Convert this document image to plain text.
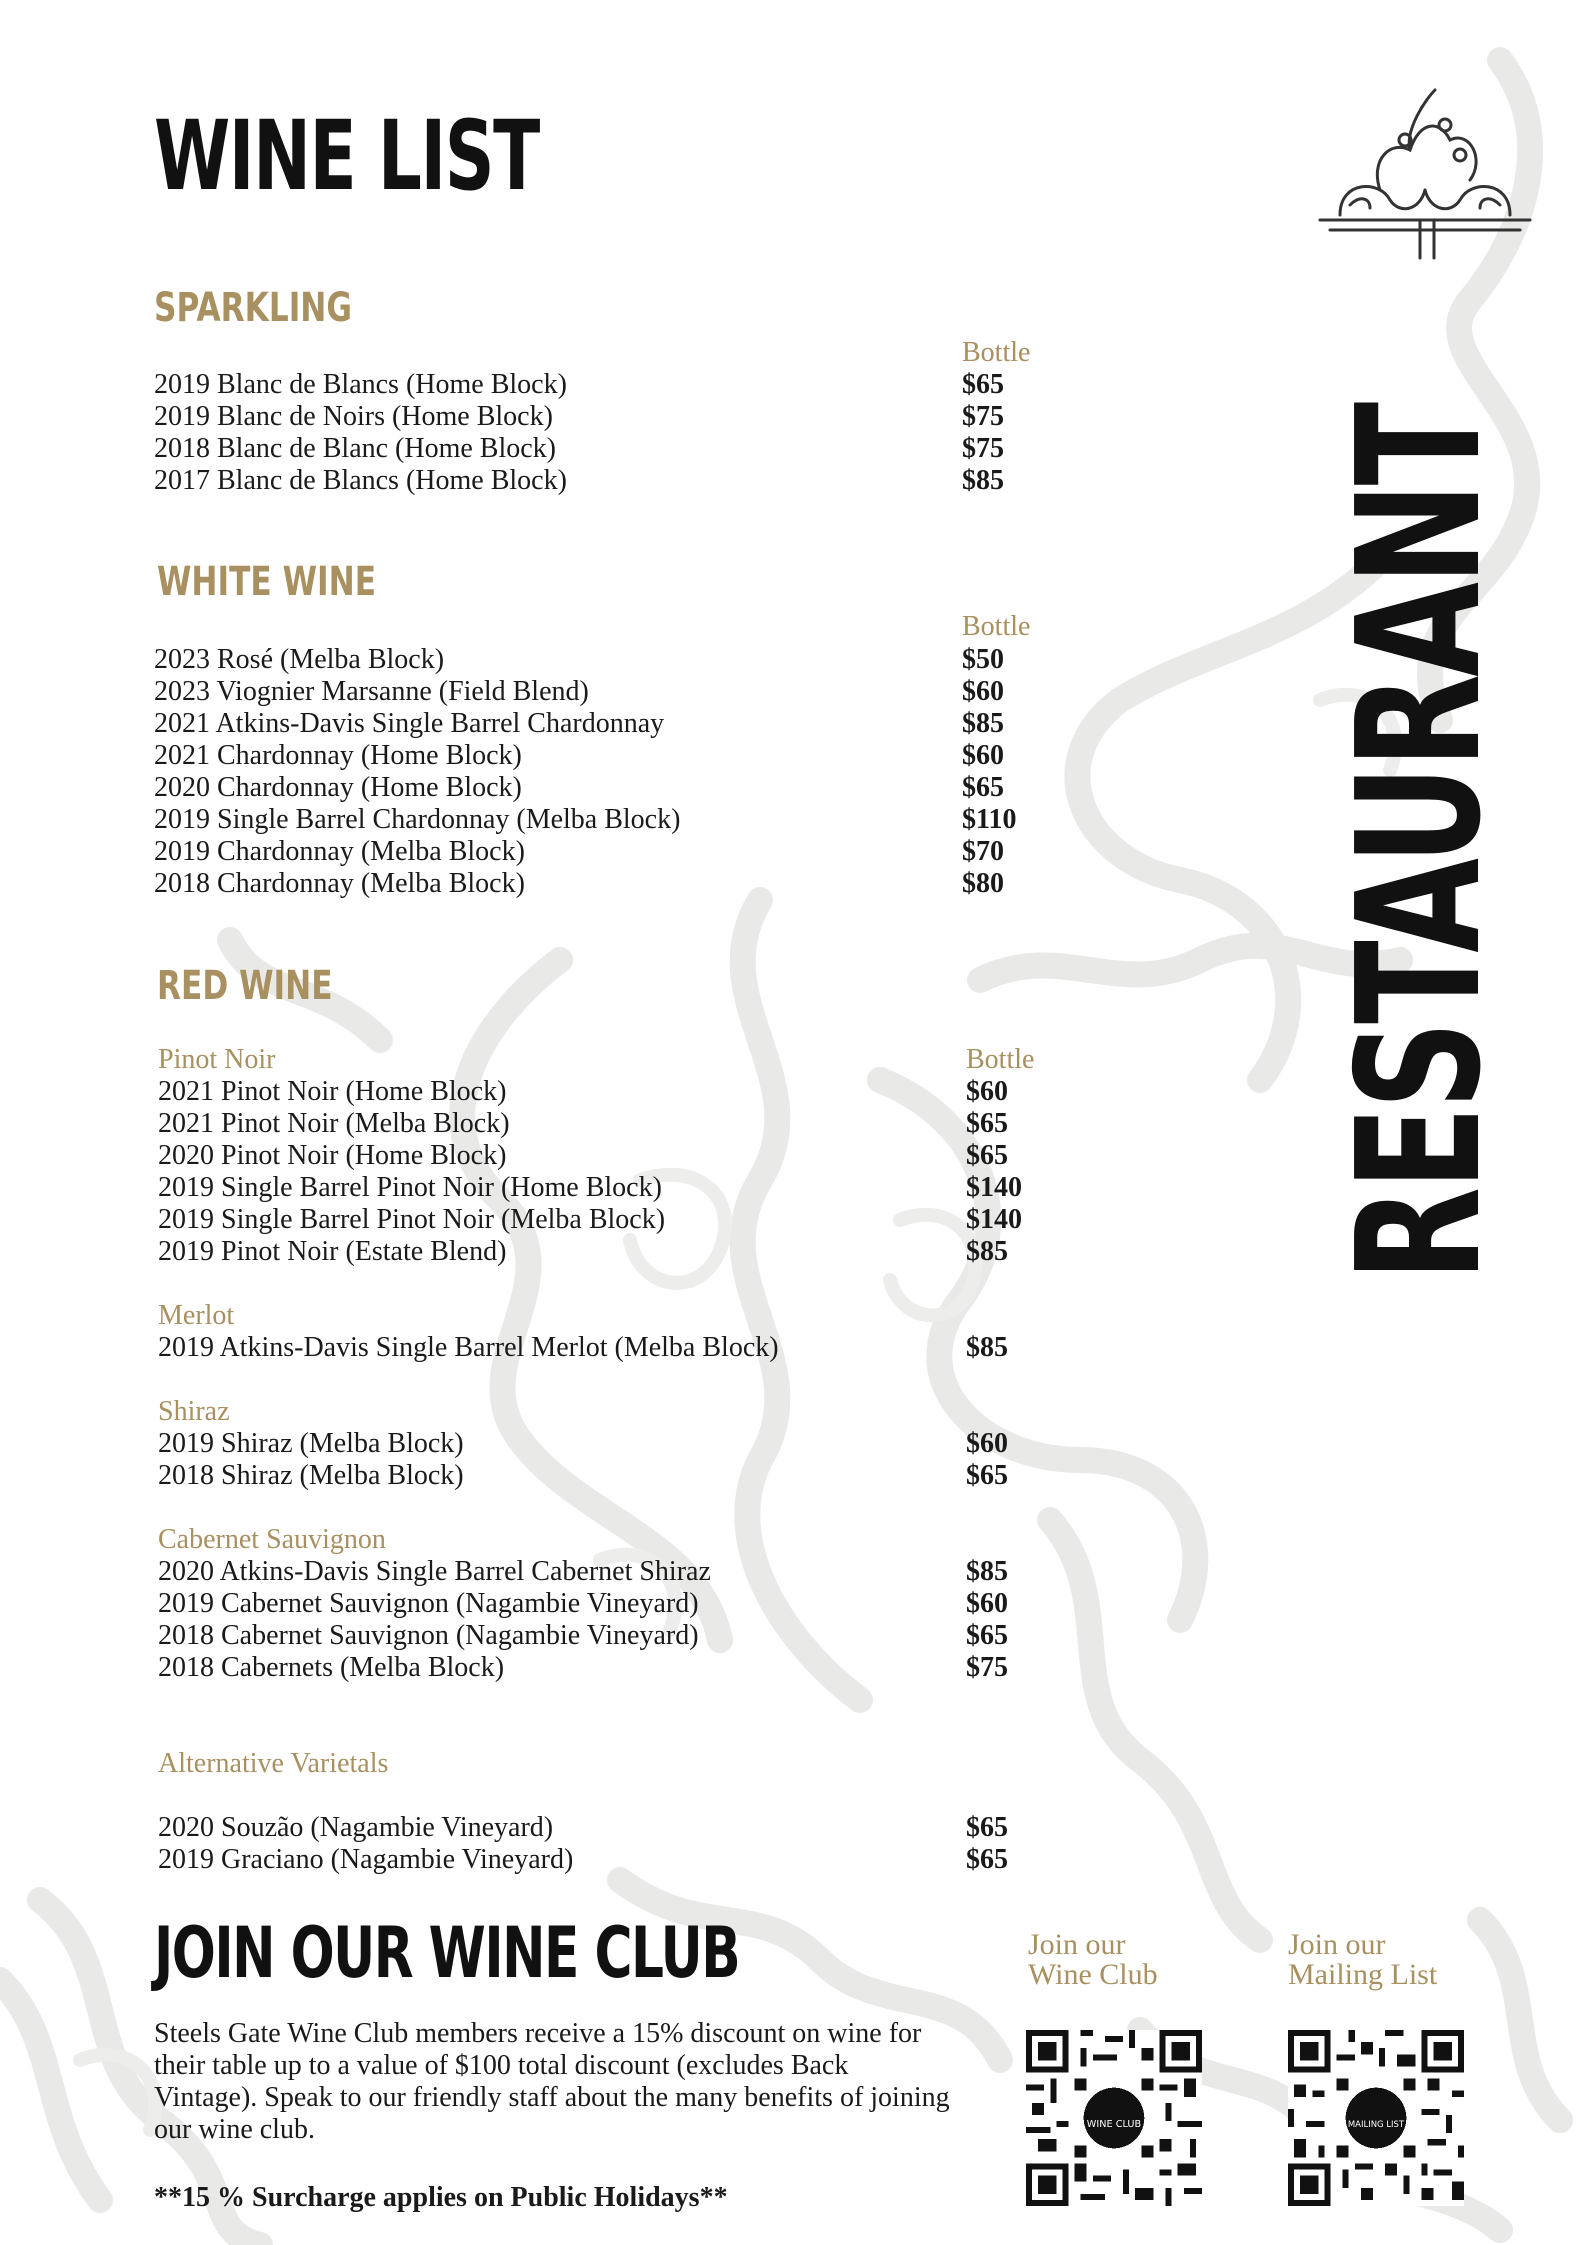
WINE LIST
RESTAURANT
SPARKLING
Bottle
2019 Blanc de Blancs (Home Block)
2019 Blanc de Noirs (Home Block)
2018 Blanc de Blanc (Home Block)
2017 Blanc de Blancs (Home Block)
$65
$75
$75
$85
WHITE WINE
Bottle
2023 Rosé (Melba Block)
2023 Viognier Marsanne (Field Blend)
2021 Atkins-Davis Single Barrel Chardonnay
2021 Chardonnay (Home Block)
2020 Chardonnay (Home Block)
2019 Single Barrel Chardonnay (Melba Block)
2019 Chardonnay (Melba Block)
2018 Chardonnay (Melba Block)
$50
$60
$85
$60
$65
$110
$70
$80
RED WINE
Bottle
Pinot Noir
2021 Pinot Noir (Home Block)
2021 Pinot Noir (Melba Block)
2020 Pinot Noir (Home Block)
2019 Single Barrel Pinot Noir (Home Block)
2019 Single Barrel Pinot Noir (Melba Block)
2019 Pinot Noir (Estate Blend)
$60
$65
$65
$140
$140
$85
Merlot
2019 Atkins-Davis Single Barrel Merlot (Melba Block)	$85
Shiraz
2019 Shiraz (Melba Block)
2018 Shiraz (Melba Block)
$60
$65
Cabernet Sauvignon
2020 Atkins-Davis Single Barrel Cabernet Shiraz
2019 Cabernet Sauvignon (Nagambie Vineyard)
2018 Cabernet Sauvignon (Nagambie Vineyard)
2018 Cabernets (Melba Block)
$85
$60
$65
$75
Alternative Varietals
2020 Souzão (Nagambie Vineyard)
2019 Graciano (Nagambie Vineyard)
$65
$65
JOIN OUR WINE CLUB
Steels Gate Wine Club members receive a 15% discount on wine for their table up to a value of $100 total discount (excludes Back Vintage). Speak to our friendly staff about the many benefits of joining our wine club.
**15 % Surcharge applies on Public Holidays**
Join our
Wine Club
WINE CLUB
Join our
Mailing List
MAILING LIST
